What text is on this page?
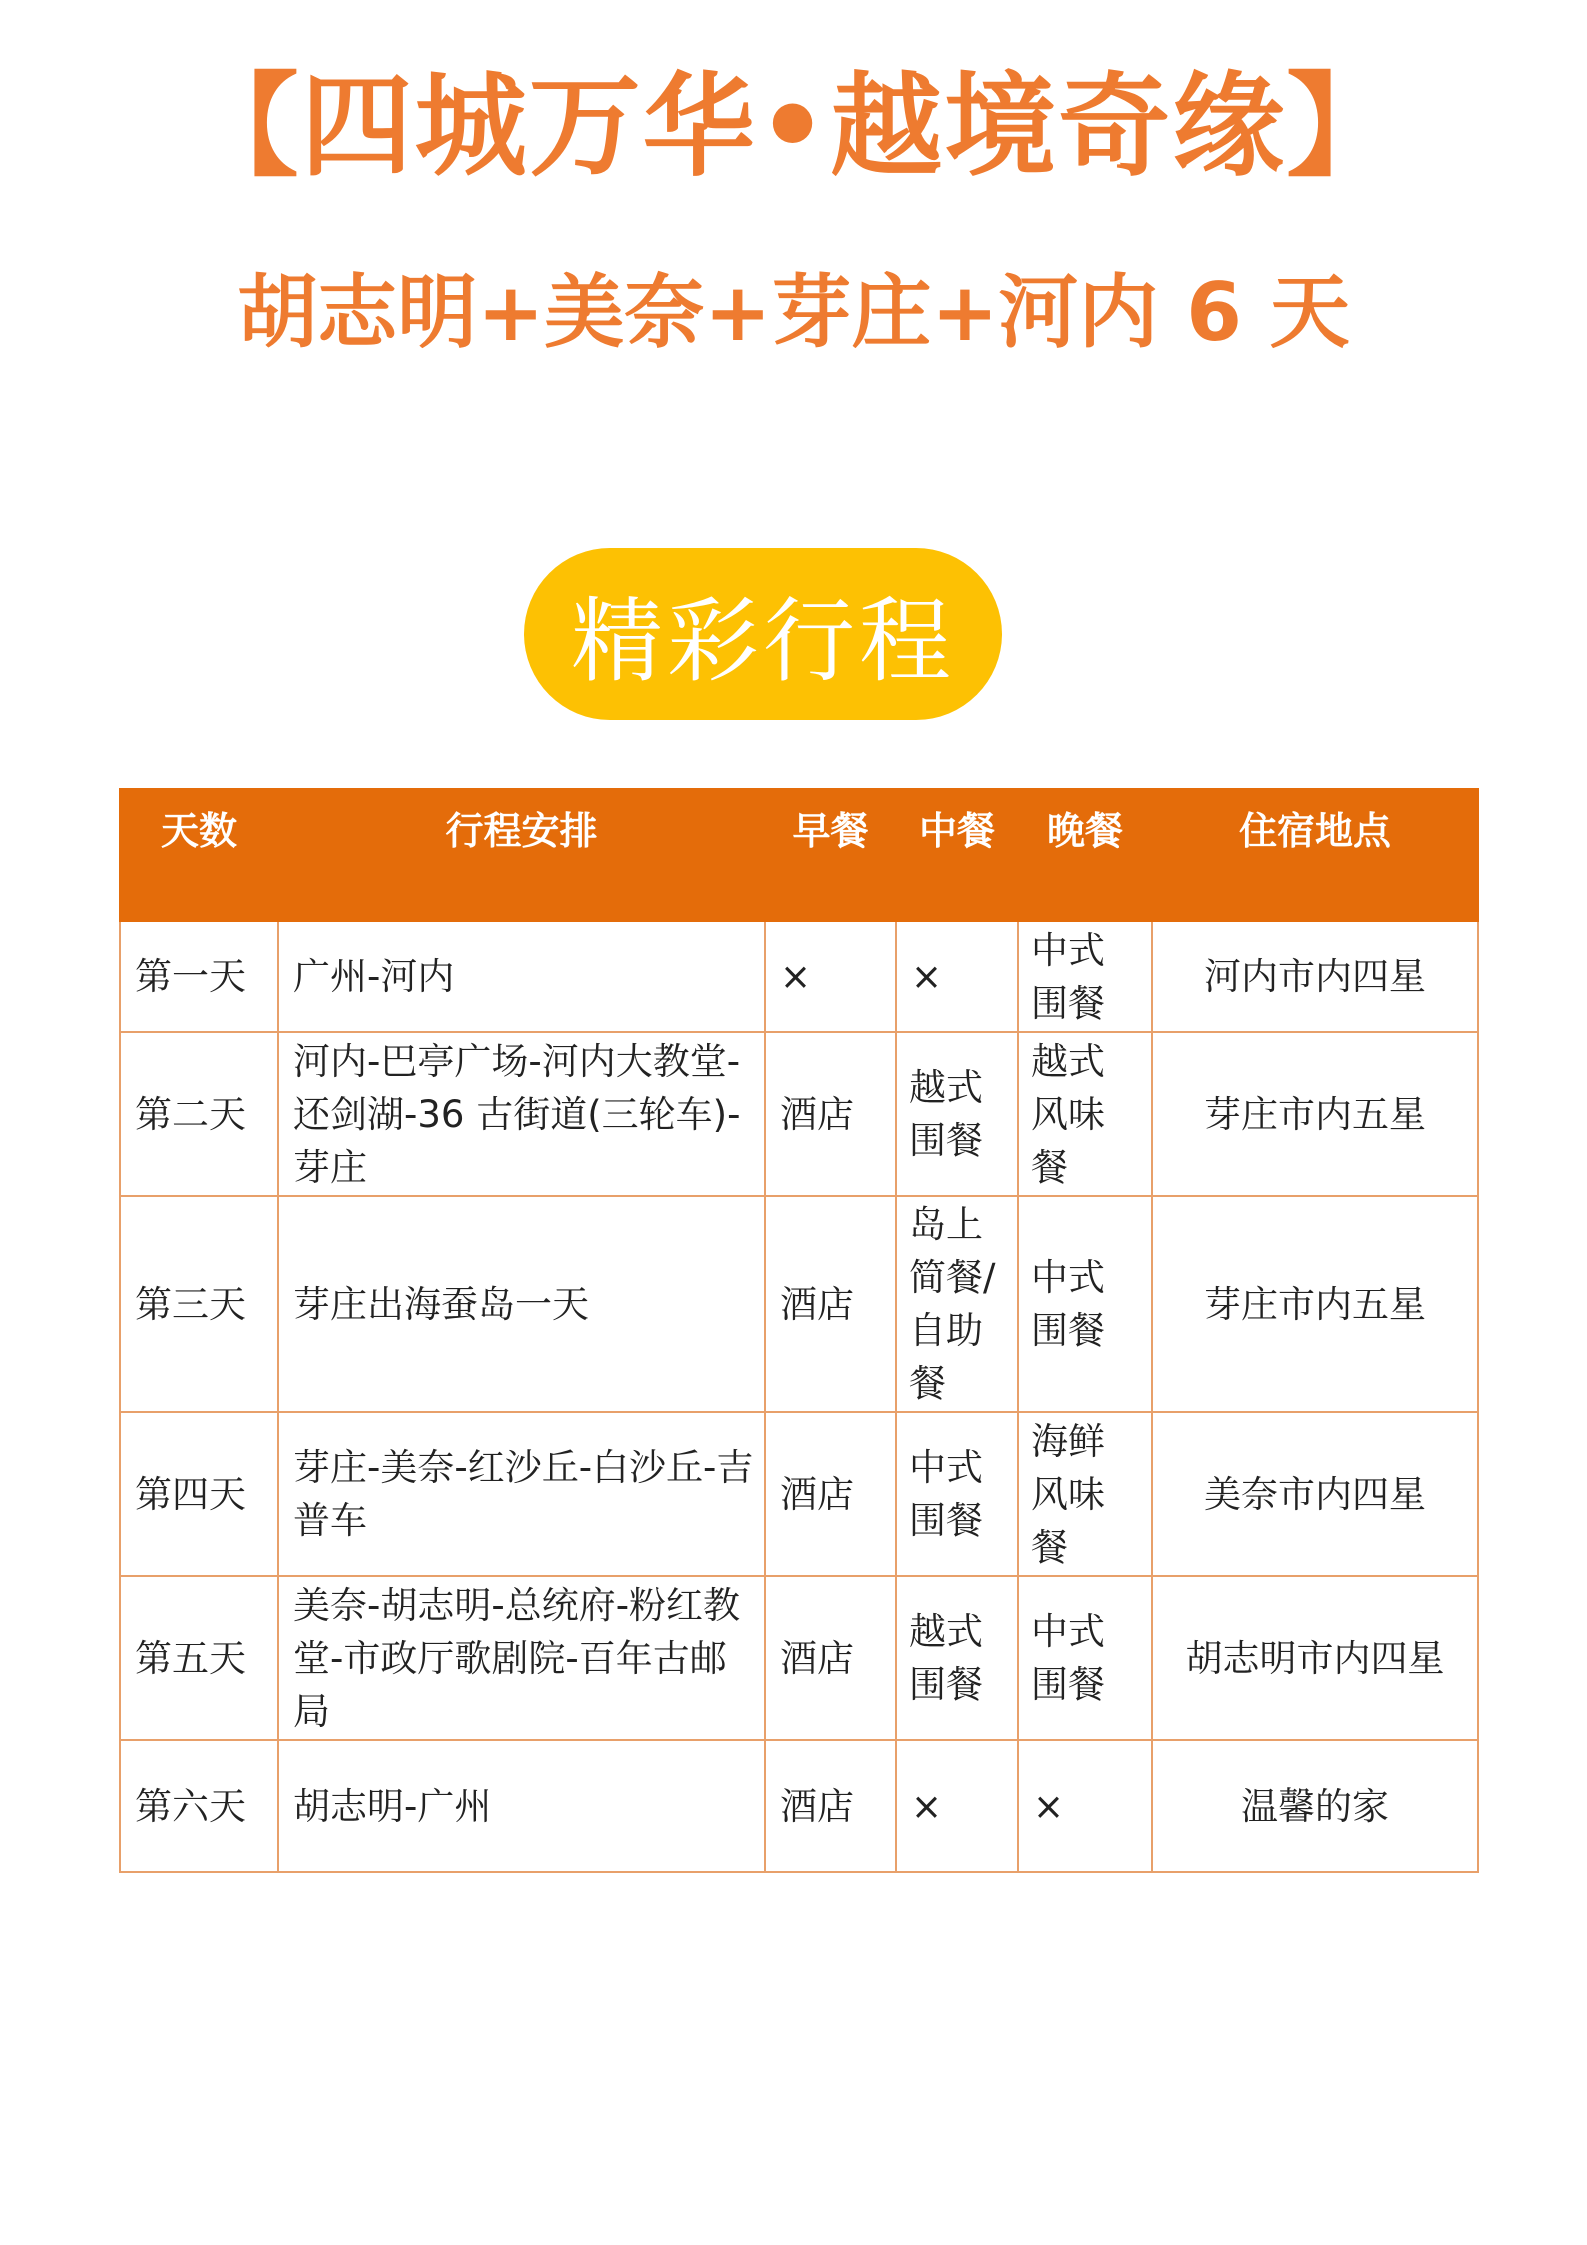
【四城万华•越境奇缘】
胡志明+美奈+芽庄+河内 6 天
精彩行程
天数	行程安排	早餐	中餐	晚餐	住宿地点
第一天	广州-河内	×	×	中式围餐	河内市内四星
第二天	河内-巴亭广场-河内大教堂-还剑湖-36 古街道(三轮车)-芽庄	酒店	越式围餐	越式风味餐	芽庄市内五星
第三天	芽庄出海蚕岛一天	酒店	岛上简餐/自助餐	中式围餐	芽庄市内五星
第四天	芽庄-美奈-红沙丘-白沙丘-吉普车	酒店	中式围餐	海鲜风味餐	美奈市内四星
第五天	美奈-胡志明-总统府-粉红教堂-市政厅歌剧院-百年古邮局	酒店	越式围餐	中式围餐	胡志明市内四星
第六天	胡志明-广州	酒店	×	×	温馨的家
